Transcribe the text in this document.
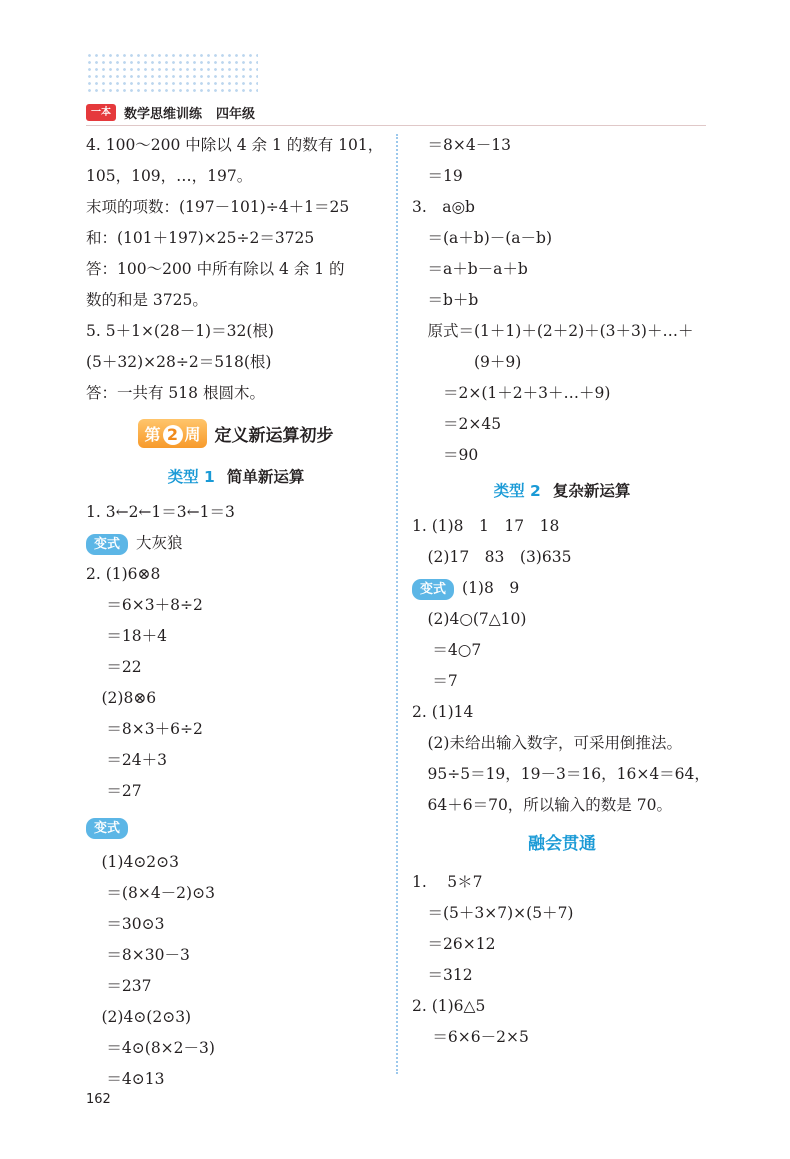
一本	数学思维训练 四年级
4. 100～200 中除以 4 余 1 的数有 101，
105，109，…，197。
末项的项数：(197－101)÷4＋1＝25
和：(101＋197)×25÷2＝3725
答：100～200 中所有除以 4 余 1 的
数的和是 3725。
5. 5＋1×(28－1)＝32(根)
(5＋32)×28÷2＝518(根)
答：一共有 518 根圆木。
第 2 周 定义新运算初步
类型 1 简单新运算
1. 3←2←1＝3←1＝3
变式 大灰狼
2. (1)6⊗8
　 ＝6×3＋8÷2
　 ＝18＋4
　 ＝22
　(2)8⊗6
　 ＝8×3＋6÷2
　 ＝24＋3
　 ＝27
变式
　(1)4⊙2⊙3
　 ＝(8×4－2)⊙3
　 ＝30⊙3
　 ＝8×30－3
　 ＝237
　(2)4⊙(2⊙3)
　 ＝4⊙(8×2－3)
　 ＝4⊙13
　＝8×4－13
　＝19
3.　a◎b
　＝(a＋b)－(a－b)
　＝a＋b－a＋b
　＝b＋b
　原式＝(1＋1)＋(2＋2)＋(3＋3)＋…＋
　　　　(9＋9)
　　＝2×(1＋2＋3＋…＋9)
　　＝2×45
　　＝90
类型 2 复杂新运算
1. (1)8　1　17　18
　(2)17　83　(3)635
变式 (1)8　9
　(2)4○(7△10)
　 ＝4○7
　 ＝7
2. (1)14
　(2)未给出输入数字，可采用倒推法。
　95÷5＝19，19－3＝16，16×4＝64，
　64＋6＝70，所以输入的数是 70。
融会贯通
1.　 5＊7
　＝(5＋3×7)×(5＋7)
　＝26×12
　＝312
2. (1)6△5
　 ＝6×6－2×5
162
